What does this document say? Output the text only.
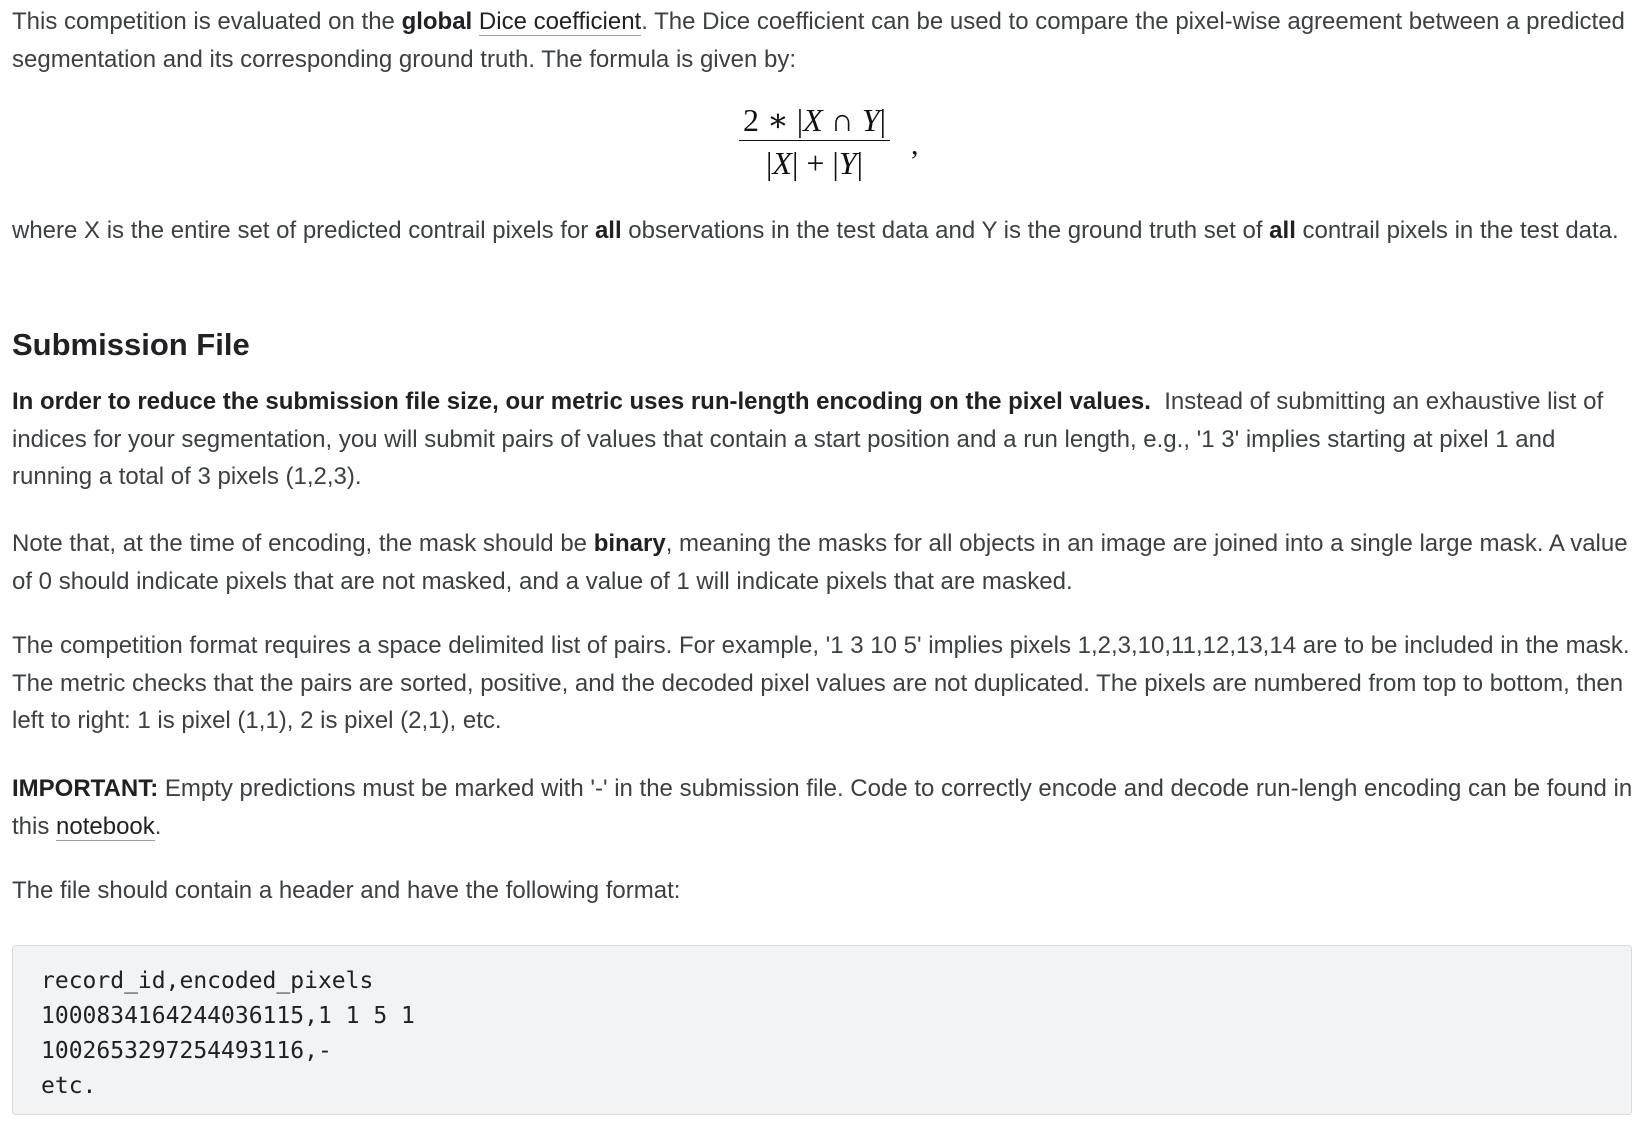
This competition is evaluated on the global Dice coefficient. The Dice coefficient can be used to compare the pixel-wise agreement between a predicted segmentation and its corresponding ground truth. The formula is given by:

$\frac{2 ∗ |X \cap Y|}{|X| + |Y|}$ ,

where X is the entire set of predicted contrail pixels for all observations in the test data and Y is the ground truth set of all contrail pixels in the test data.

Submission File

In order to reduce the submission file size, our metric uses run-length encoding on the pixel values.  Instead of submitting an exhaustive list of indices for your segmentation, you will submit pairs of values that contain a start position and a run length, e.g., '1 3' implies starting at pixel 1 and running a total of 3 pixels (1,2,3).

Note that, at the time of encoding, the mask should be binary, meaning the masks for all objects in an image are joined into a single large mask. A value of 0 should indicate pixels that are not masked, and a value of 1 will indicate pixels that are masked.

The competition format requires a space delimited list of pairs. For example, '1 3 10 5' implies pixels 1,2,3,10,11,12,13,14 are to be included in the mask. The metric checks that the pairs are sorted, positive, and the decoded pixel values are not duplicated. The pixels are numbered from top to bottom, then left to right: 1 is pixel (1,1), 2 is pixel (2,1), etc.

IMPORTANT: Empty predictions must be marked with '-' in the submission file. Code to correctly encode and decode run-lengh encoding can be found in this notebook.

The file should contain a header and have the following format:

record_id,encoded_pixels
1000834164244036115,1 1 5 1
1002653297254493116,-
etc.
